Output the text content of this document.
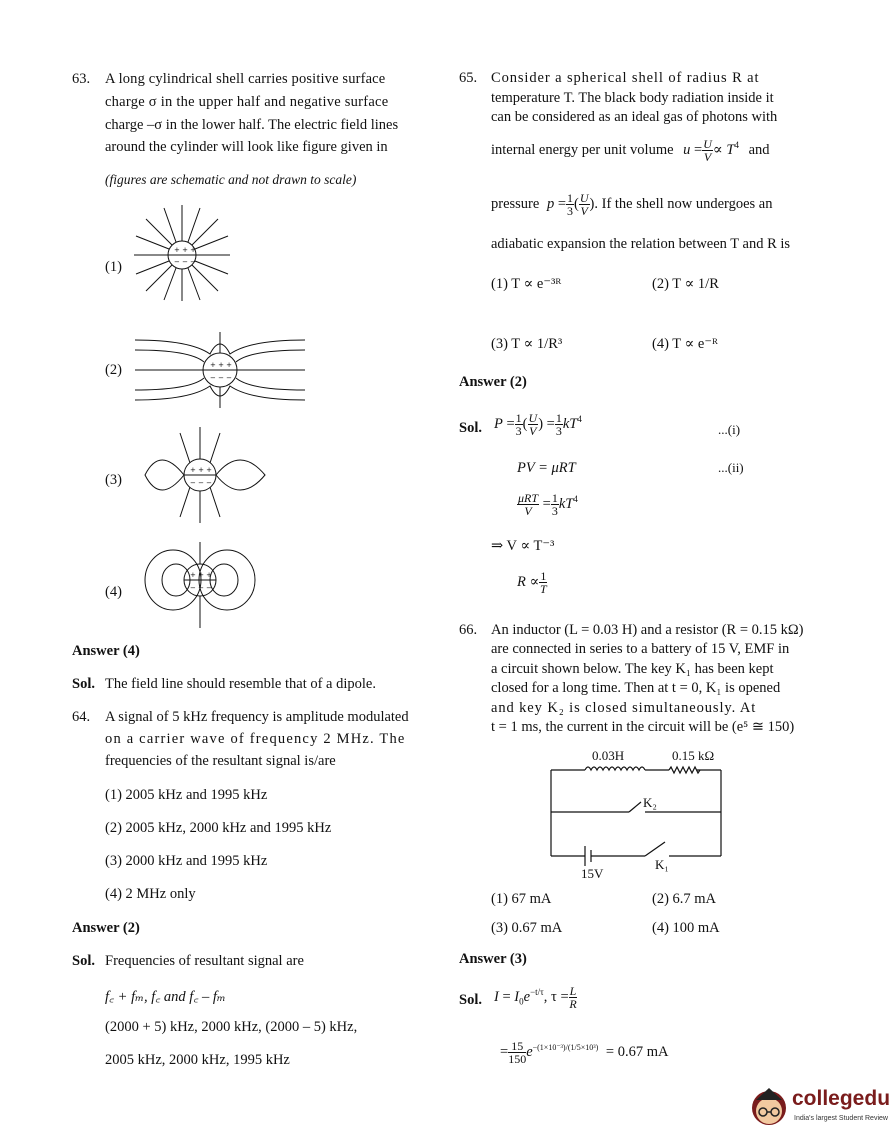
63. A long cylindrical shell carries positive surface
charge σ in the upper half and negative surface
charge –σ in the lower half. The electric field lines
around the cylinder will look like figure given in
(figures are schematic and not drawn to scale)
(1)
(2)
(3)
(4)
+ + +
− − −
+ + +
− − −
+ + +
− − −
+ + +
− − −
Answer (4)
Sol. The field line should resemble that of a dipole.
64. A signal of 5 kHz frequency is amplitude modulated
on a carrier wave of frequency 2 MHz. The
frequencies of the resultant signal is/are
(1) 2005 kHz and 1995 kHz
(2) 2005 kHz, 2000 kHz and 1995 kHz
(3) 2000 kHz and 1995 kHz
(4) 2 MHz only
Answer (2)
Sol. Frequencies of resultant signal are
f꜀ + fₘ, f꜀ and f꜀ – fₘ
(2000 + 5) kHz, 2000 kHz, (2000 – 5) kHz,
2005 kHz, 2000 kHz, 1995 kHz
65. Consider a spherical shell of radius R at
temperature T. The black body radiation inside it
can be considered as an ideal gas of photons with
internal energy per unit volume $u = \frac{U}{V} \propto T^4$ and
pressure $p = \frac{1}{3}$ ( $\frac{U}{V}$ ). If the shell now undergoes an
adiabatic expansion the relation between T and R is
(1) T ∝ e⁻³ᴿ	(2) T ∝ 1/R
(3) T ∝ 1/R³	(4) T ∝ e⁻ᴿ
Answer (2)
Sol. $P = \frac{1}{3}$ ( $\frac{U}{V}$ ) = $\frac{1}{3} kT^4$
...(i)
PV = μRT	...(ii)
$\frac{\text{μRT}}{V} = \frac{1}{3} kT^4$
⇒ V ∝ T⁻³
$R \propto \frac{1}{T}$
66. An inductor (L = 0.03 H) and a resistor (R = 0.15 kΩ)
are connected in series to a battery of 15 V, EMF in
a circuit shown below. The key K₁ has been kept
closed for a long time. Then at t = 0, K₁ is opened
and key K₂ is closed simultaneously. At
t = 1 ms, the current in the circuit will be (e⁵ ≅ 150)
0.03H	0.15 kΩ
K₂
K₁
15V
(1) 67 mA	(2) 6.7 mA
(3) 0.67 mA	(4) 100 mA
Answer (3)
Sol. $I = I_0e^{-t/\tau}$, $\tau = \frac{L}{R}$
= $\frac{15}{150} e^{-(1\times 10^{-3})/(1/5\times 10^3)} = 0.67$ mA
collegedu
India's largest Student Review
